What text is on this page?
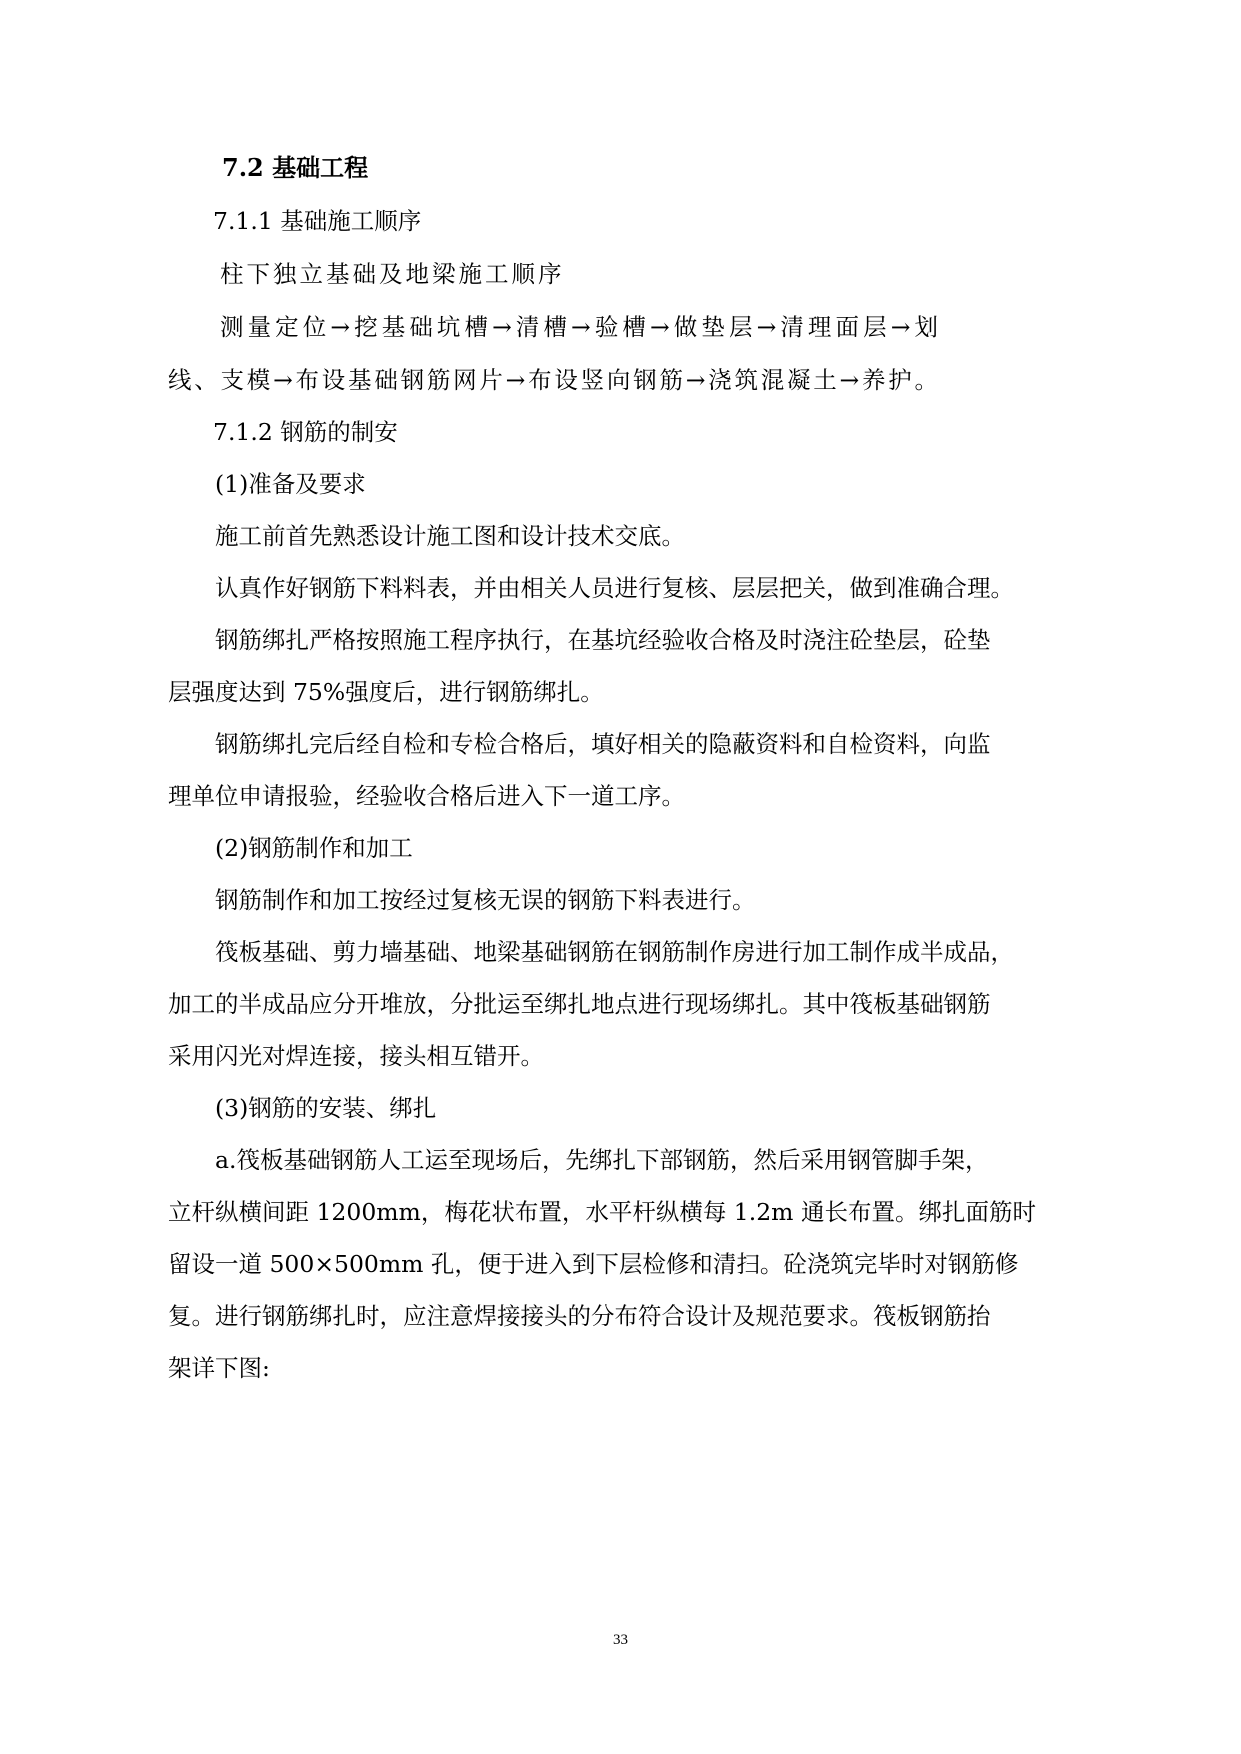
7.2 基础工程
7.1.1 基础施工顺序
柱下独立基础及地梁施工顺序
测量定位→挖基础坑槽→清槽→验槽→做垫层→清理面层→划
线、支模→布设基础钢筋网片→布设竖向钢筋→浇筑混凝土→养护。
7.1.2 钢筋的制安
(1)准备及要求
施工前首先熟悉设计施工图和设计技术交底。
认真作好钢筋下料料表，并由相关人员进行复核、层层把关，做到准确合理。
钢筋绑扎严格按照施工程序执行，在基坑经验收合格及时浇注砼垫层，砼垫
层强度达到 75%强度后，进行钢筋绑扎。
钢筋绑扎完后经自检和专检合格后，填好相关的隐蔽资料和自检资料，向监
理单位申请报验，经验收合格后进入下一道工序。
(2)钢筋制作和加工
钢筋制作和加工按经过复核无误的钢筋下料表进行。
筏板基础、剪力墙基础、地梁基础钢筋在钢筋制作房进行加工制作成半成品，
加工的半成品应分开堆放，分批运至绑扎地点进行现场绑扎。其中筏板基础钢筋
采用闪光对焊连接，接头相互错开。
(3)钢筋的安装、绑扎
a.筏板基础钢筋人工运至现场后，先绑扎下部钢筋，然后采用钢管脚手架，
立杆纵横间距 1200mm，梅花状布置，水平杆纵横每 1.2m 通长布置。绑扎面筋时
留设一道 500×500mm 孔，便于进入到下层检修和清扫。砼浇筑完毕时对钢筋修
复。进行钢筋绑扎时，应注意焊接接头的分布符合设计及规范要求。筏板钢筋抬
架详下图:
33
